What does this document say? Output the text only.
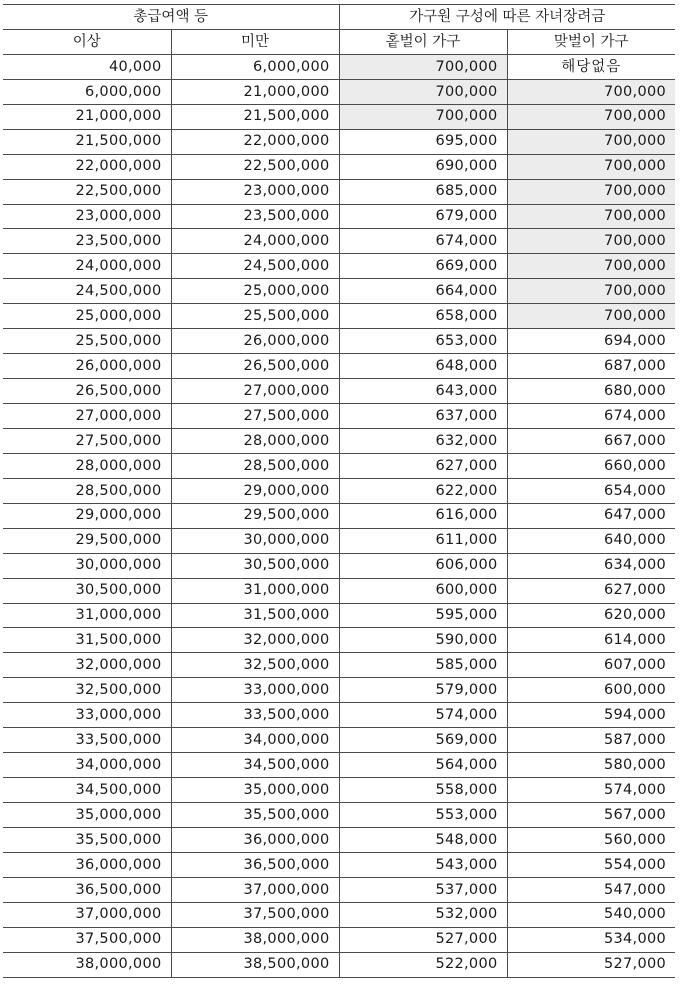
총급여액 등		가구원 구성에 따른 자녀장려금	
이상	미만	홑벌이 가구	맞벌이 가구
40,000	6,000,000	700,000	해당없음
6,000,000	21,000,000	700,000	700,000
21,000,000	21,500,000	700,000	700,000
21,500,000	22,000,000	695,000	700,000
22,000,000	22,500,000	690,000	700,000
22,500,000	23,000,000	685,000	700,000
23,000,000	23,500,000	679,000	700,000
23,500,000	24,000,000	674,000	700,000
24,000,000	24,500,000	669,000	700,000
24,500,000	25,000,000	664,000	700,000
25,000,000	25,500,000	658,000	700,000
25,500,000	26,000,000	653,000	694,000
26,000,000	26,500,000	648,000	687,000
26,500,000	27,000,000	643,000	680,000
27,000,000	27,500,000	637,000	674,000
27,500,000	28,000,000	632,000	667,000
28,000,000	28,500,000	627,000	660,000
28,500,000	29,000,000	622,000	654,000
29,000,000	29,500,000	616,000	647,000
29,500,000	30,000,000	611,000	640,000
30,000,000	30,500,000	606,000	634,000
30,500,000	31,000,000	600,000	627,000
31,000,000	31,500,000	595,000	620,000
31,500,000	32,000,000	590,000	614,000
32,000,000	32,500,000	585,000	607,000
32,500,000	33,000,000	579,000	600,000
33,000,000	33,500,000	574,000	594,000
33,500,000	34,000,000	569,000	587,000
34,000,000	34,500,000	564,000	580,000
34,500,000	35,000,000	558,000	574,000
35,000,000	35,500,000	553,000	567,000
35,500,000	36,000,000	548,000	560,000
36,000,000	36,500,000	543,000	554,000
36,500,000	37,000,000	537,000	547,000
37,000,000	37,500,000	532,000	540,000
37,500,000	38,000,000	527,000	534,000
38,000,000	38,500,000	522,000	527,000
